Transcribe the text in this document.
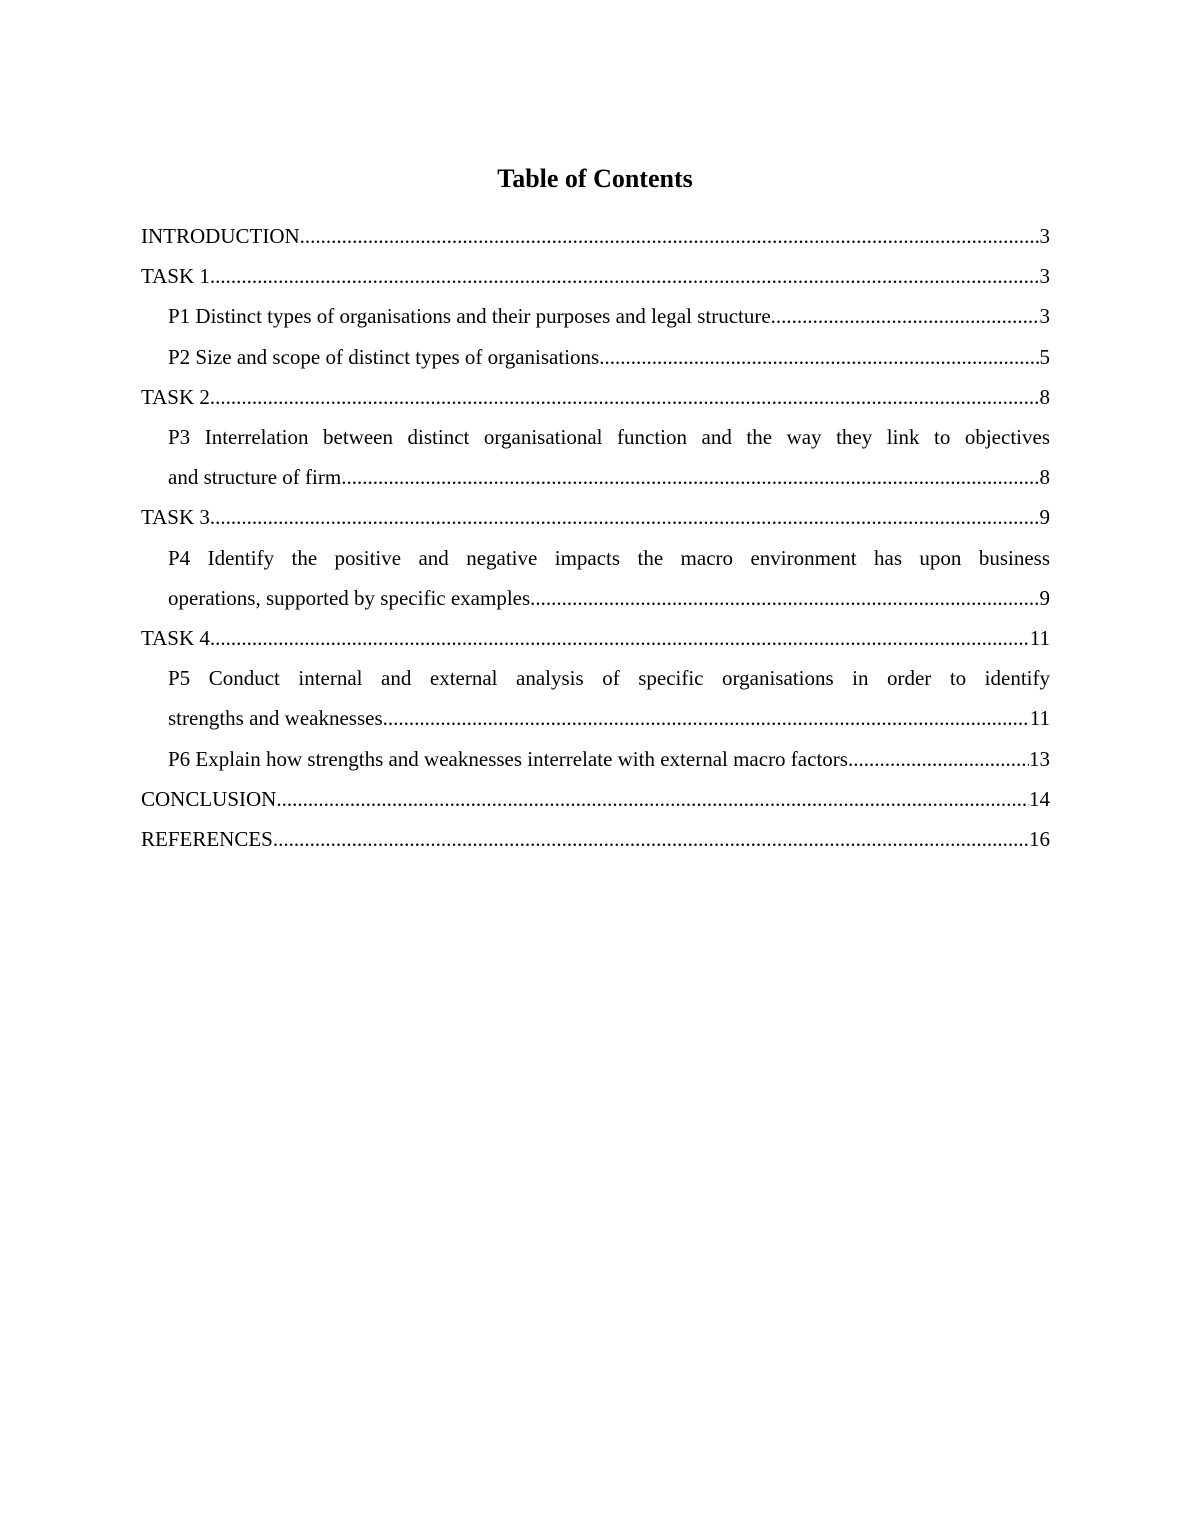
Table of Contents
INTRODUCTION .....	3
TASK 1 .....	3
P1 Distinct types of organisations and their purposes and legal structure .....	3
P2 Size and scope of distinct types of organisations .....	5
TASK 2 .....	8
P3 Interrelation between distinct organisational function and the way they link to objectives
and structure of firm .....	8
TASK 3 .....	9
P4 Identify the positive and negative impacts the macro environment has upon business
operations, supported by specific examples .....	9
TASK 4 .....	11
P5 Conduct internal and external analysis of specific organisations in order to identify
strengths and weaknesses. .....	11
P6 Explain how strengths and weaknesses interrelate with external macro factors .....	13
CONCLUSION .....	14
REFERENCES .....	16
